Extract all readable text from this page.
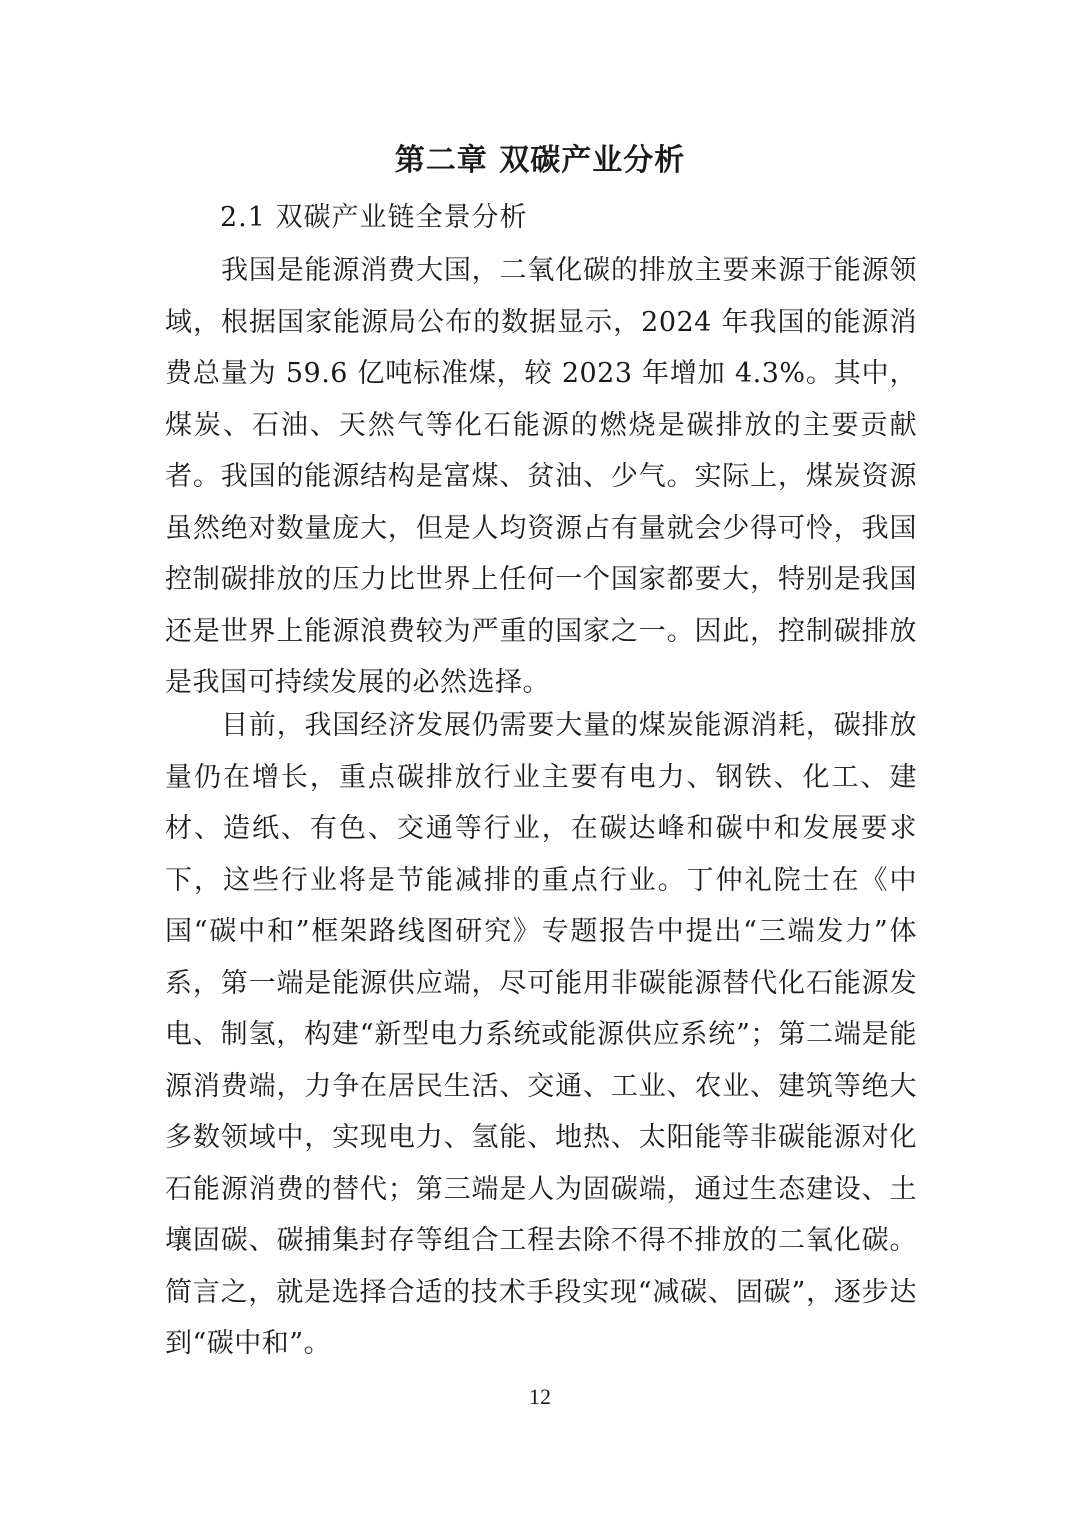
第二章 双碳产业分析
2.1 双碳产业链全景分析

我国是能源消费大国，二氧化碳的排放主要来源于能源领域，根据国家能源局公布的数据显示，2024 年我国的能源消费总量为 59.6 亿吨标准煤，较 2023 年增加 4.3%。其中，煤炭、石油、天然气等化石能源的燃烧是碳排放的主要贡献者。我国的能源结构是富煤、贫油、少气。实际上，煤炭资源虽然绝对数量庞大，但是人均资源占有量就会少得可怜，我国控制碳排放的压力比世界上任何一个国家都要大，特别是我国还是世界上能源浪费较为严重的国家之一。因此，控制碳排放是我国可持续发展的必然选择。

目前，我国经济发展仍需要大量的煤炭能源消耗，碳排放量仍在增长，重点碳排放行业主要有电力、钢铁、化工、建材、造纸、有色、交通等行业，在碳达峰和碳中和发展要求下，这些行业将是节能减排的重点行业。丁仲礼院士在《中国“碳中和”框架路线图研究》专题报告中提出“三端发力”体系，第一端是能源供应端，尽可能用非碳能源替代化石能源发电、制氢，构建“新型电力系统或能源供应系统”；第二端是能源消费端，力争在居民生活、交通、工业、农业、建筑等绝大多数领域中，实现电力、氢能、地热、太阳能等非碳能源对化石能源消费的替代；第三端是人为固碳端，通过生态建设、土壤固碳、碳捕集封存等组合工程去除不得不排放的二氧化碳。简言之，就是选择合适的技术手段实现“减碳、固碳”，逐步达到“碳中和”。

12
